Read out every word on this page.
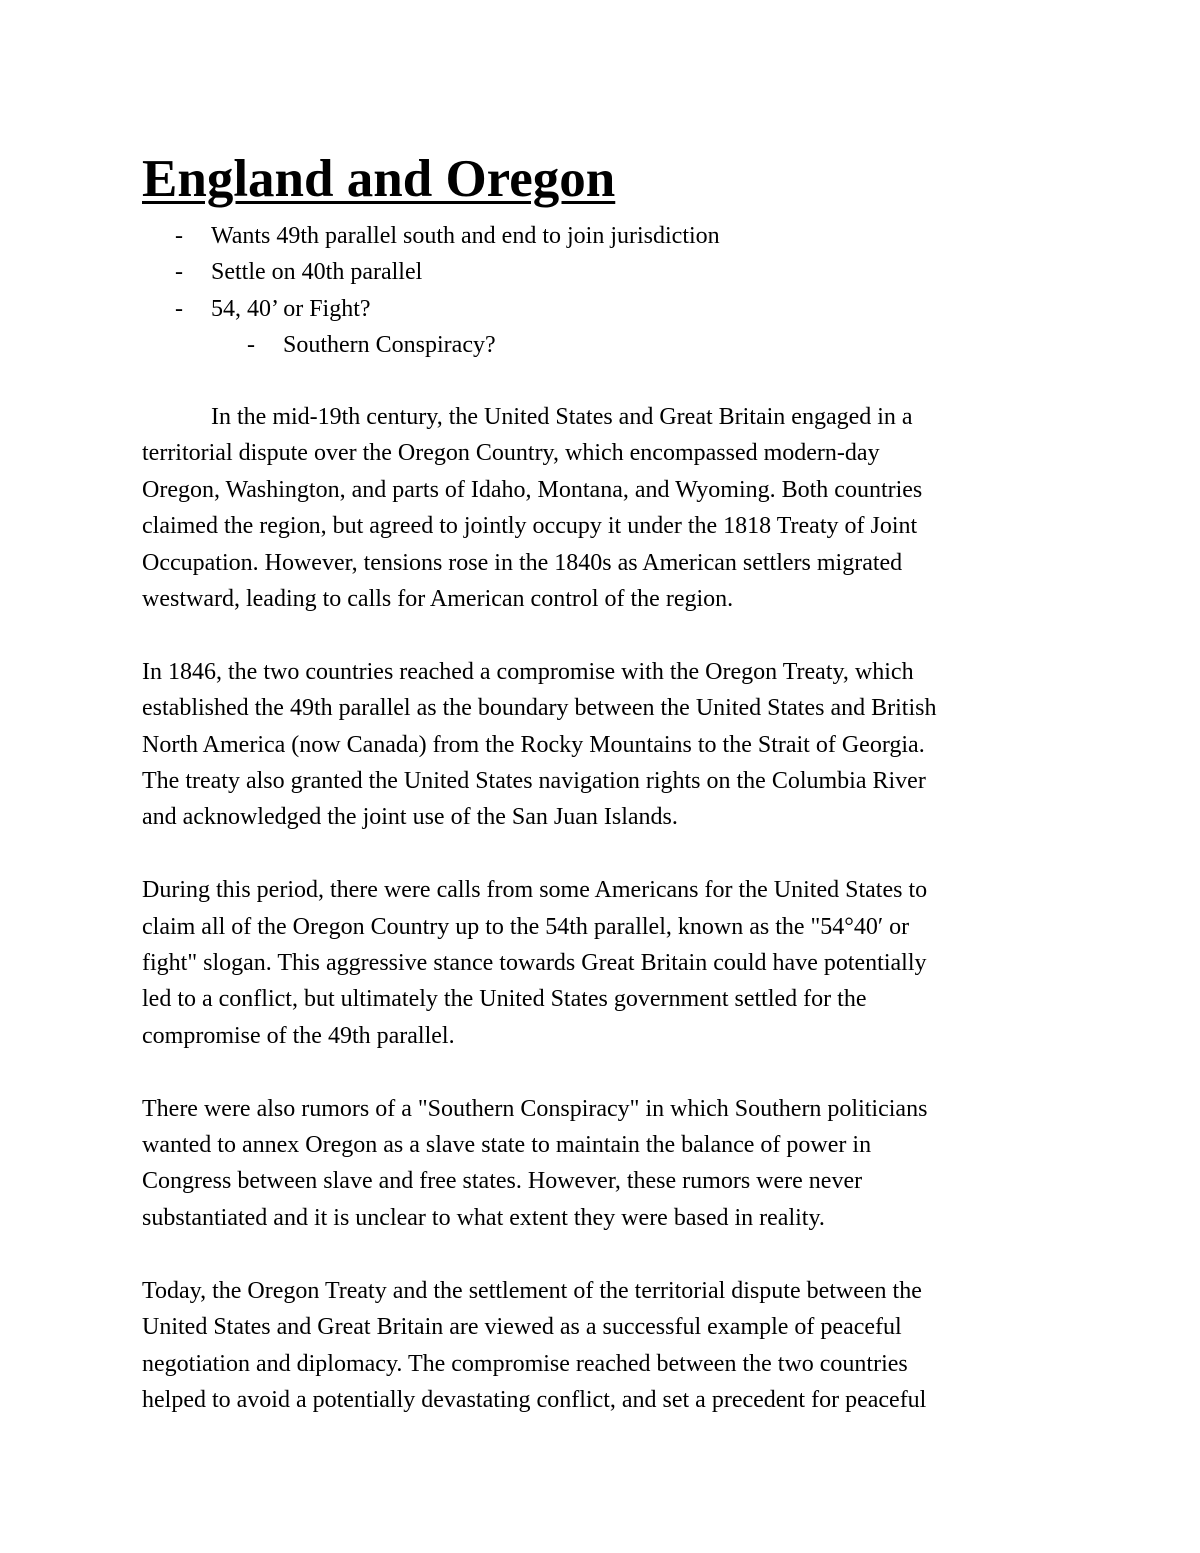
England and Oregon
- Wants 49th parallel south and end to join jurisdiction
- Settle on 40th parallel
- 54, 40’ or Fight?
- Southern Conspiracy?

In the mid-19th century, the United States and Great Britain engaged in a
territorial dispute over the Oregon Country, which encompassed modern-day
Oregon, Washington, and parts of Idaho, Montana, and Wyoming. Both countries
claimed the region, but agreed to jointly occupy it under the 1818 Treaty of Joint
Occupation. However, tensions rose in the 1840s as American settlers migrated
westward, leading to calls for American control of the region.

In 1846, the two countries reached a compromise with the Oregon Treaty, which
established the 49th parallel as the boundary between the United States and British
North America (now Canada) from the Rocky Mountains to the Strait of Georgia.
The treaty also granted the United States navigation rights on the Columbia River
and acknowledged the joint use of the San Juan Islands.

During this period, there were calls from some Americans for the United States to
claim all of the Oregon Country up to the 54th parallel, known as the "54°40′ or
fight" slogan. This aggressive stance towards Great Britain could have potentially
led to a conflict, but ultimately the United States government settled for the
compromise of the 49th parallel.

There were also rumors of a "Southern Conspiracy" in which Southern politicians
wanted to annex Oregon as a slave state to maintain the balance of power in
Congress between slave and free states. However, these rumors were never
substantiated and it is unclear to what extent they were based in reality.

Today, the Oregon Treaty and the settlement of the territorial dispute between the
United States and Great Britain are viewed as a successful example of peaceful
negotiation and diplomacy. The compromise reached between the two countries
helped to avoid a potentially devastating conflict, and set a precedent for peaceful
